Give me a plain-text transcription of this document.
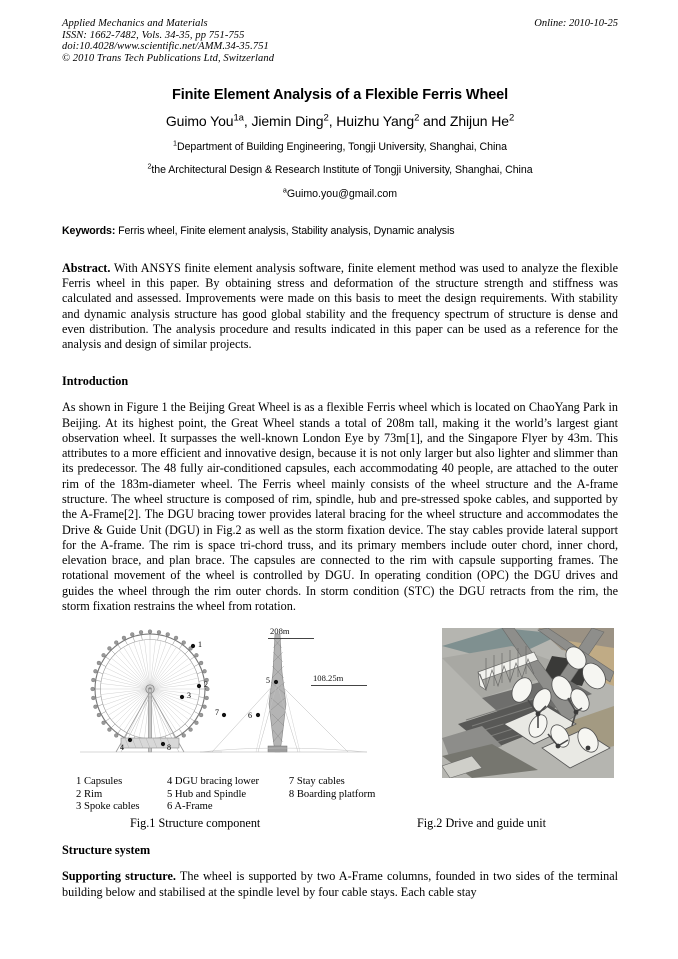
Applied Mechanics and Materials
ISSN: 1662-7482, Vols. 34-35, pp 751-755
doi:10.4028/www.scientific.net/AMM.34-35.751
© 2010 Trans Tech Publications Ltd, Switzerland
Online: 2010-10-25
Finite Element Analysis of a Flexible Ferris Wheel
Guimo You$^{1a}$, Jiemin Ding$^2$, Huizhu Yang$^2$ and Zhijun He$^2$
$^1$Department of Building Engineering, Tongji University, Shanghai, China
$^2$the Architectural Design & Research Institute of Tongji University, Shanghai, China
$^a$Guimo.you@gmail.com
Keywords: Ferris wheel, Finite element analysis, Stability analysis, Dynamic analysis
Abstract. With ANSYS finite element analysis software, finite element method was used to analyze the flexible Ferris wheel in this paper. By obtaining stress and deformation of the structure strength and stiffness was calculated and assessed. Improvements were made on this basis to meet the design requirements. With stability and dynamic analysis structure has good global stability and the frequency spectrum of structure is dense and even distribution. The analysis procedure and results indicated in this paper can be used as a reference for the analysis and design of similar projects.
Introduction
As shown in Figure 1 the Beijing Great Wheel is as a flexible Ferris wheel which is located on ChaoYang Park in Beijing. At its highest point, the Great Wheel stands a total of 208m tall, making it the world’s largest giant observation wheel. It surpasses the well-known London Eye by 73m[1], and the Singapore Flyer by 43m. This attributes to a more efficient and innovative design, because it is not only larger but also lighter and slimmer than its predecessor. The 48 fully air-conditioned capsules, each accommodating 40 people, are attached to the outer rim of the 183m-diameter wheel. The Ferris wheel mainly consists of the wheel structure and the A-frame structure. The wheel structure is composed of rim, spindle, hub and pre-stressed spoke cables, and supported by the A-Frame[2]. The DGU bracing tower provides lateral bracing for the wheel structure and accommodates the Drive & Guide Unit (DGU) in Fig.2 as well as the storm fixation device. The stay cables provide lateral support for the A-frame. The rim is space tri-chord truss, and its primary members include outer chord, inner chord, elevation brace, and plan brace. The capsules are connected to the rim with capsule supporting frames. The rotational movement of the wheel is controlled by DGU. In operating condition (OPC) the DGU drives and guides the wheel through the rim outer chords. In storm condition (STC) the DGU retracts from the rim, the storm fixation restrains the wheel from rotation.
1
2
3
4	8
5
6
7
208m
108.25m
1 Capsules	4 DGU bracing lower	7 Stay cables
2 Rim	5 Hub and Spindle	8 Boarding platform
3 Spoke cables	6 A-Frame
Fig.1 Structure component	Fig.2 Drive and guide unit
Structure system
Supporting structure. The wheel is supported by two A-Frame columns, founded in two sides of the terminal building below and stabilised at the spindle level by four cable stays. Each cable stay
